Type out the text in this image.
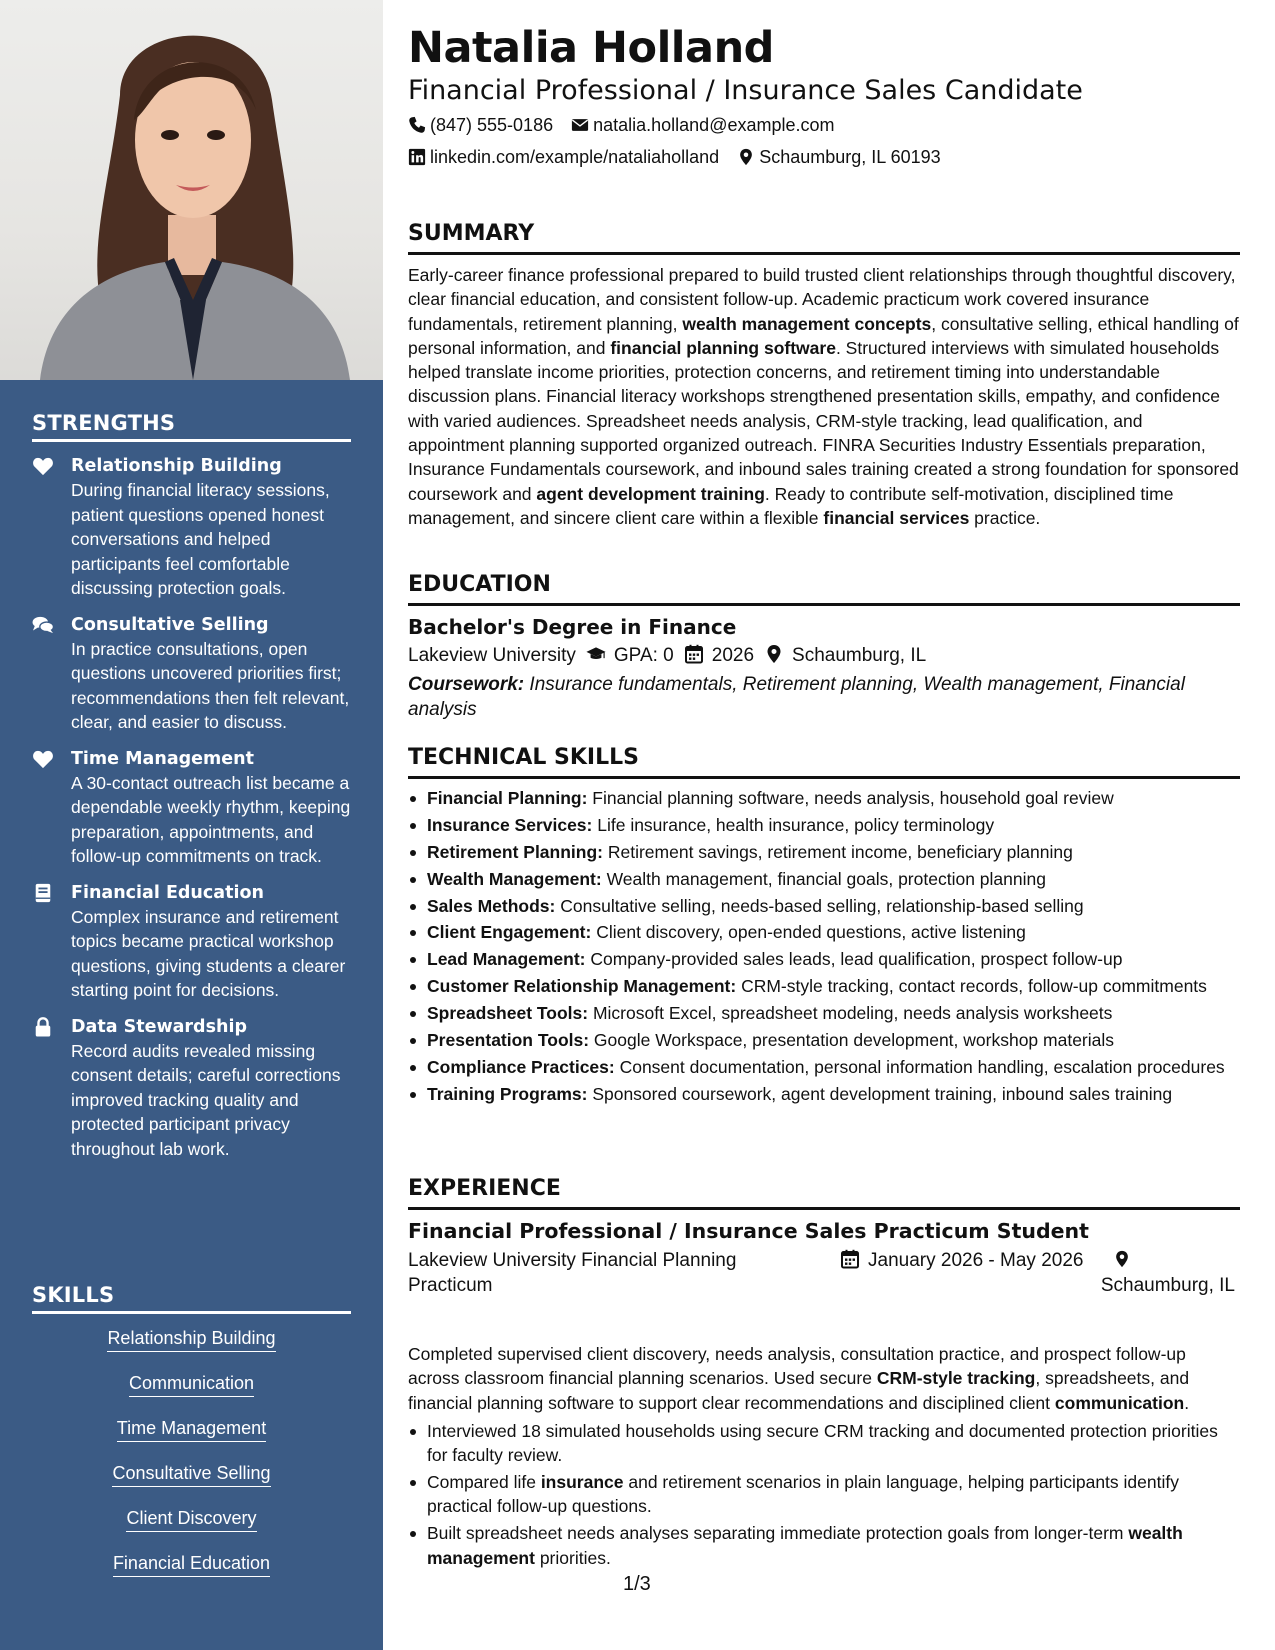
STRENGTHS
Relationship Building
During financial literacy sessions, patient questions opened honest conversations and helped participants feel comfortable discussing protection goals.
Consultative Selling
In practice consultations, open questions uncovered priorities first; recommendations then felt relevant, clear, and easier to discuss.
Time Management
A 30-contact outreach list became a dependable weekly rhythm, keeping preparation, appointments, and follow-up commitments on track.
Financial Education
Complex insurance and retirement topics became practical workshop questions, giving students a clearer starting point for decisions.
Data Stewardship
Record audits revealed missing consent details; careful corrections improved tracking quality and protected participant privacy throughout lab work.
SKILLS
Relationship Building
Communication
Time Management
Consultative Selling
Client Discovery
Financial Education
Natalia Holland
Financial Professional / Insurance Sales Candidate
(847) 555-0186 natalia.holland@example.com
linkedin.com/example/nataliaholland Schaumburg, IL 60193
SUMMARY
Early-career finance professional prepared to build trusted client relationships through thoughtful discovery, clear financial education, and consistent follow-up. Academic practicum work covered insurance fundamentals, retirement planning, wealth management concepts, consultative selling, ethical handling of personal information, and financial planning software. Structured interviews with simulated households helped translate income priorities, protection concerns, and retirement timing into understandable discussion plans. Financial literacy workshops strengthened presentation skills, empathy, and confidence with varied audiences. Spreadsheet needs analysis, CRM-style tracking, lead qualification, and appointment planning supported organized outreach. FINRA Securities Industry Essentials preparation, Insurance Fundamentals coursework, and inbound sales training created a strong foundation for sponsored coursework and agent development training. Ready to contribute self-motivation, disciplined time management, and sincere client care within a flexible financial services practice.
EDUCATION
Bachelor's Degree in Finance
Lakeview University GPA: 0 2026 Schaumburg, IL
Coursework: Insurance fundamentals, Retirement planning, Wealth management, Financial analysis
TECHNICAL SKILLS
Financial Planning: Financial planning software, needs analysis, household goal review
Insurance Services: Life insurance, health insurance, policy terminology
Retirement Planning: Retirement savings, retirement income, beneficiary planning
Wealth Management: Wealth management, financial goals, protection planning
Sales Methods: Consultative selling, needs-based selling, relationship-based selling
Client Engagement: Client discovery, open-ended questions, active listening
Lead Management: Company-provided sales leads, lead qualification, prospect follow-up
Customer Relationship Management: CRM-style tracking, contact records, follow-up commitments
Spreadsheet Tools: Microsoft Excel, spreadsheet modeling, needs analysis worksheets
Presentation Tools: Google Workspace, presentation development, workshop materials
Compliance Practices: Consent documentation, personal information handling, escalation procedures
Training Programs: Sponsored coursework, agent development training, inbound sales training
EXPERIENCE
Financial Professional / Insurance Sales Practicum Student
Lakeview University Financial Planning Practicum
January 2026 - May 2026
Schaumburg, IL
Completed supervised client discovery, needs analysis, consultation practice, and prospect follow-up across classroom financial planning scenarios. Used secure CRM-style tracking, spreadsheets, and financial planning software to support clear recommendations and disciplined client communication.
Interviewed 18 simulated households using secure CRM tracking and documented protection priorities for faculty review.
Compared life insurance and retirement scenarios in plain language, helping participants identify practical follow-up questions.
Built spreadsheet needs analyses separating immediate protection goals from longer-term wealth management priorities.
1/3
